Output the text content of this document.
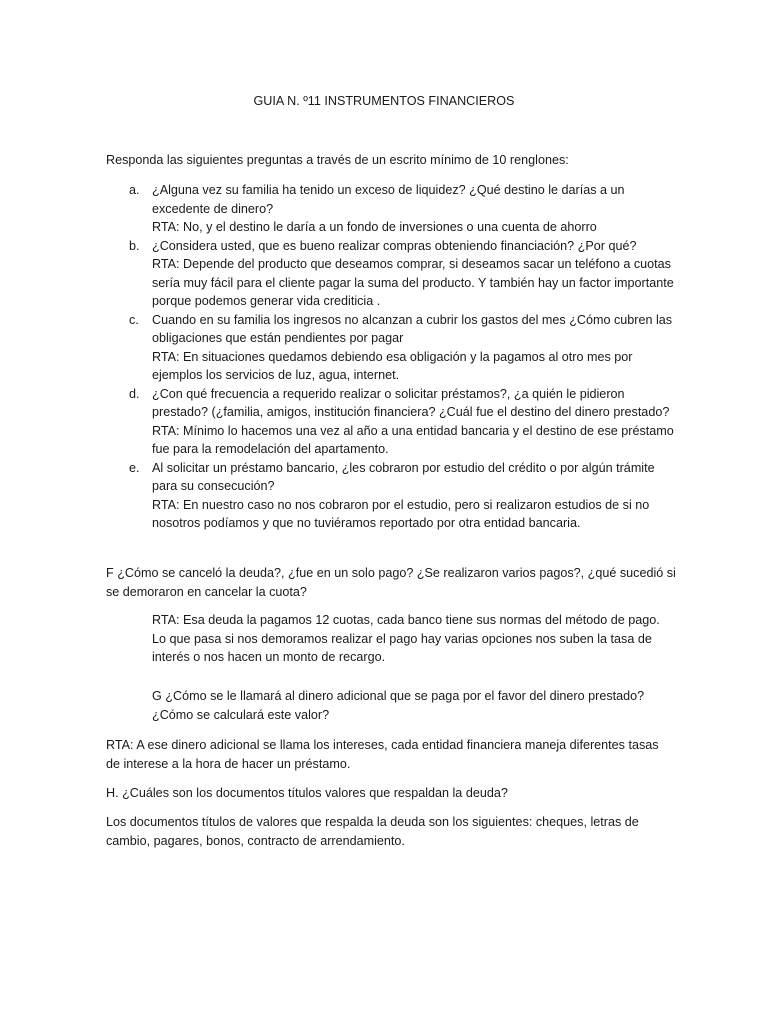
GUIA N. º11 INSTRUMENTOS FINANCIEROS

Responda las siguientes preguntas a través de un escrito mínimo de 10 renglones:

a. ¿Alguna vez su familia ha tenido un exceso de liquidez? ¿Qué destino le darías a un excedente de dinero?
RTA: No, y el destino le daría a un fondo de inversiones o una cuenta de ahorro
b. ¿Considera usted, que es bueno realizar compras obteniendo financiación? ¿Por qué?
RTA: Depende del producto que deseamos comprar, si deseamos sacar un teléfono a cuotas sería muy fácil para el cliente pagar la suma del producto. Y también hay un factor importante porque podemos generar vida crediticia .
c. Cuando en su familia los ingresos no alcanzan a cubrir los gastos del mes ¿Cómo cubren las obligaciones que están pendientes por pagar
RTA: En situaciones quedamos debiendo esa obligación y la pagamos al otro mes por ejemplos los servicios de luz, agua, internet.
d. ¿Con qué frecuencia a requerido realizar o solicitar préstamos?, ¿a quién le pidieron prestado? (¿familia, amigos, institución financiera? ¿Cuál fue el destino del dinero prestado?
RTA: Mínimo lo hacemos una vez al año a una entidad bancaria y el destino de ese préstamo fue para la remodelación del apartamento.
e. Al solicitar un préstamo bancario, ¿les cobraron por estudio del crédito o por algún trámite para su consecución?
RTA: En nuestro caso no nos cobraron por el estudio, pero si realizaron estudios de si no nosotros podíamos y que no tuviéramos reportado por otra entidad bancaria.

F ¿Cómo se canceló la deuda?, ¿fue en un solo pago? ¿Se realizaron varios pagos?, ¿qué sucedió si se demoraron en cancelar la cuota?

RTA: Esa deuda la pagamos 12 cuotas, cada banco tiene sus normas del método de pago. Lo que pasa si nos demoramos realizar el pago hay varias opciones nos suben la tasa de interés o nos hacen un monto de recargo.

G ¿Cómo se le llamará al dinero adicional que se paga por el favor del dinero prestado? ¿Cómo se calculará este valor?

RTA: A ese dinero adicional se llama los intereses, cada entidad financiera maneja diferentes tasas de interese a la hora de hacer un préstamo.

H. ¿Cuáles son los documentos títulos valores que respaldan la deuda?

Los documentos títulos de valores que respalda la deuda son los siguientes: cheques, letras de cambio, pagares, bonos, contracto de arrendamiento.
